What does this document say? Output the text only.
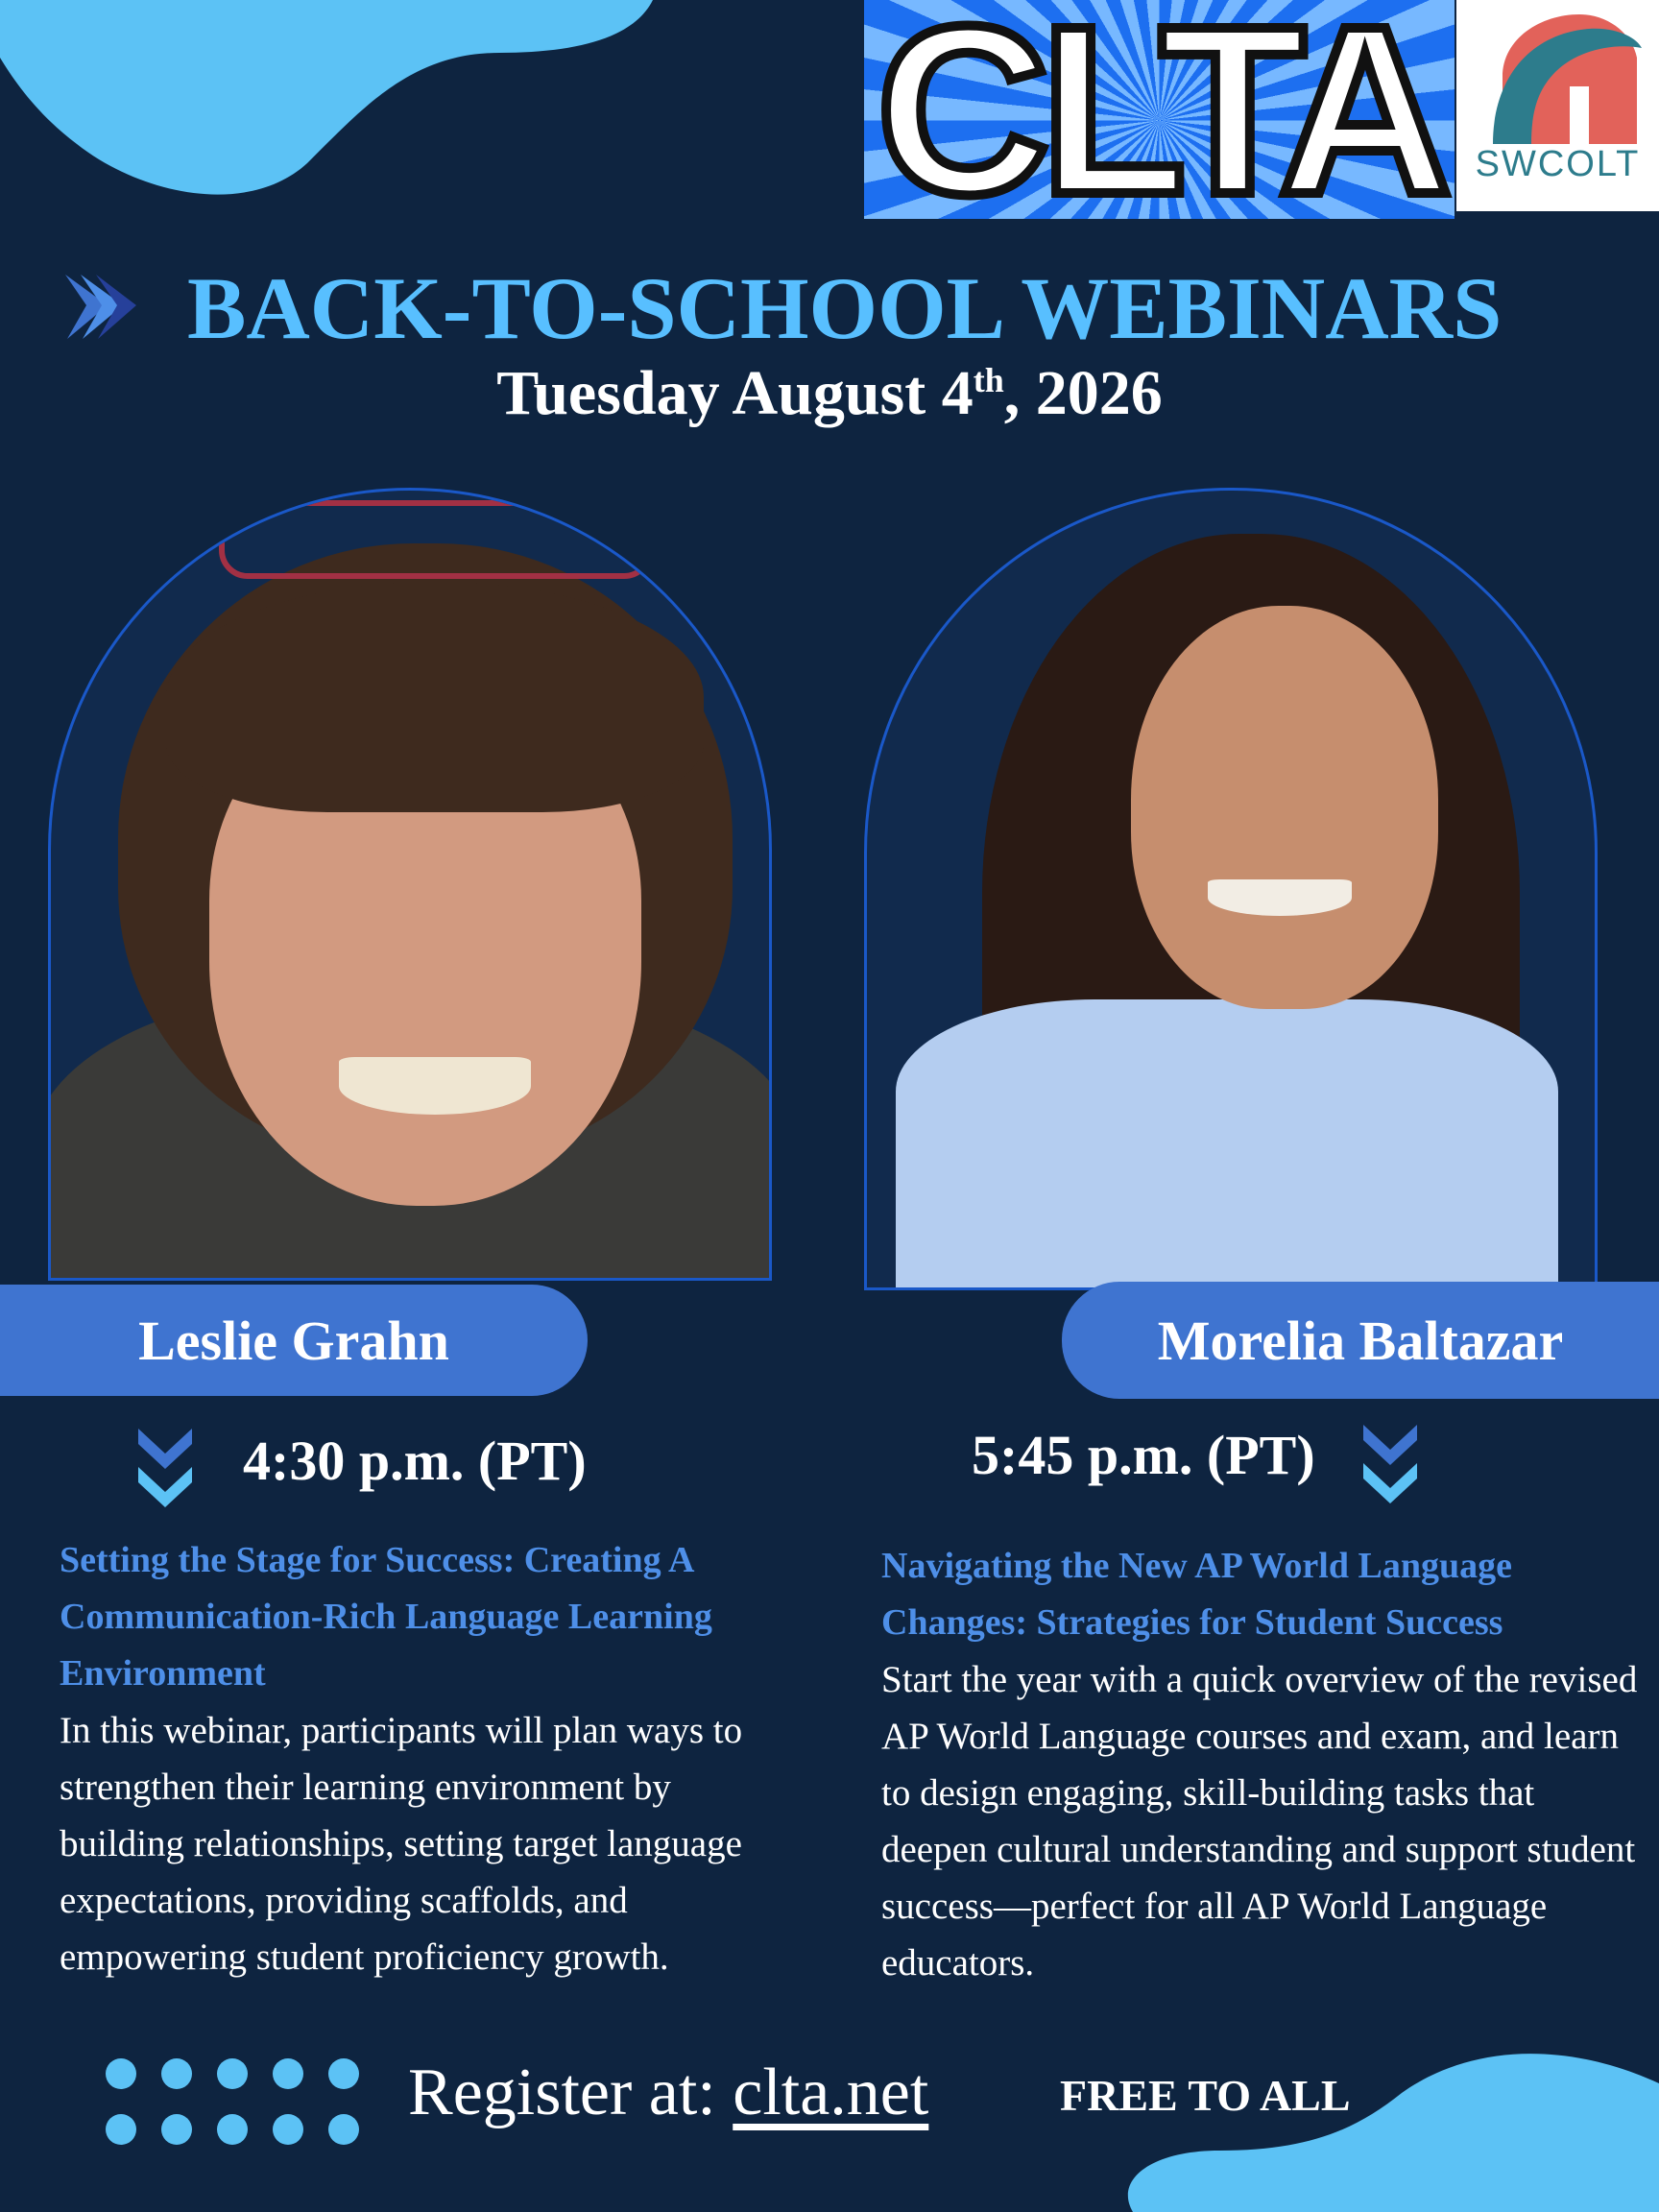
CLTA SWCOLT
BACK-TO-SCHOOL WEBINARS
Tuesday August 4th, 2026
Leslie Grahn	Morelia Baltazar
4:30 p.m. (PT)	5:45 p.m. (PT)
Setting the Stage for Success: Creating A Communication-Rich Language Learning Environment
In this webinar, participants will plan ways to strengthen their learning environment by building relationships, setting target language expectations, providing scaffolds, and empowering student proficiency growth.
Navigating the New AP World Language Changes: Strategies for Student Success
Start the year with a quick overview of the revised AP World Language courses and exam, and learn to design engaging, skill-building tasks that deepen cultural understanding and support student success—perfect for all AP World Language educators.
Register at: clta.net	FREE TO ALL
